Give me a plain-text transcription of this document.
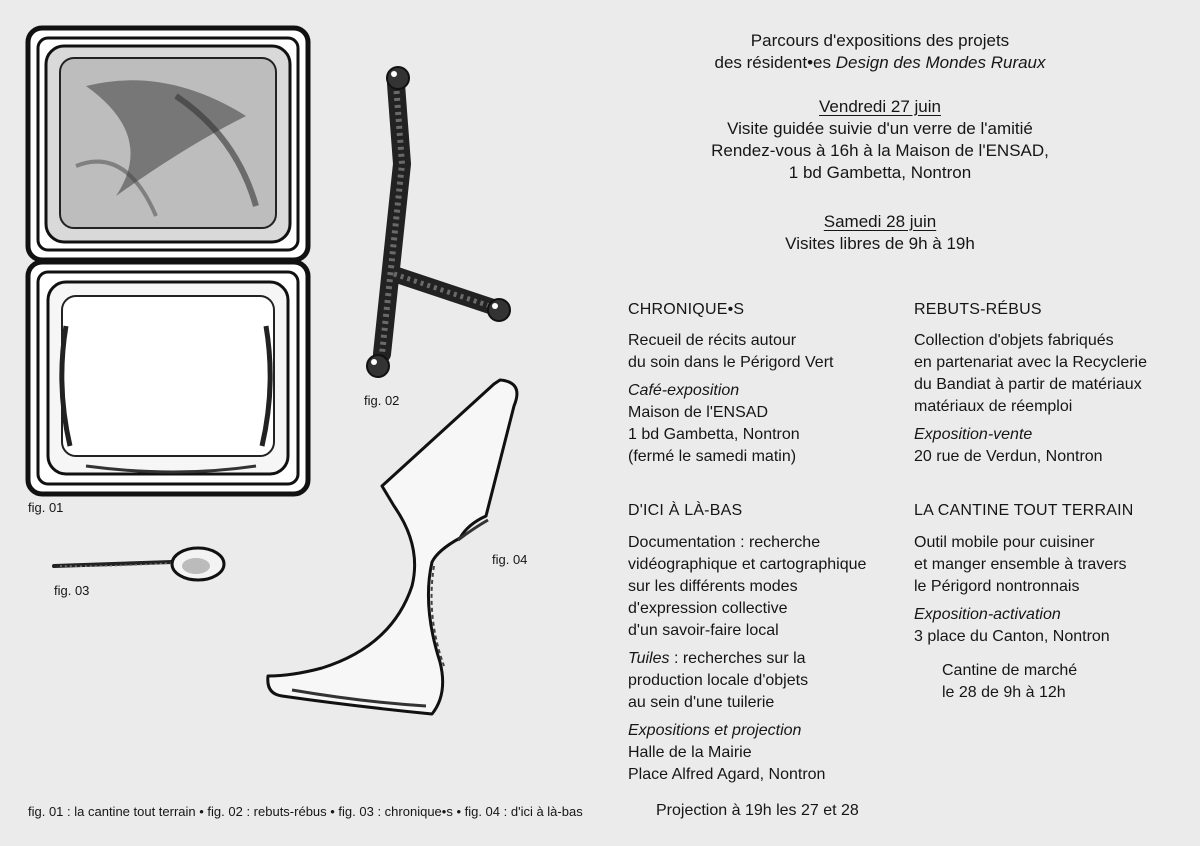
fig. 01
fig. 02
fig. 03
fig. 04
Parcours d'expositions des projets
des résident•es Design des Mondes Ruraux
Vendredi 27 juin
Visite guidée suivie d'un verre de l'amitié
Rendez-vous à 16h à la Maison de l'ENSAD,
1 bd Gambetta, Nontron
Samedi 28 juin
Visites libres de 9h à 19h
CHRONIQUE•S
Recueil de récits autour
du soin dans le Périgord Vert
Café-exposition
Maison de l'ENSAD
1 bd Gambetta, Nontron
(fermé le samedi matin)
REBUTS-RÉBUS
Collection d'objets fabriqués
en partenariat avec la Recyclerie
du Bandiat à partir de matériaux
matériaux de réemploi
Exposition-vente
20 rue de Verdun, Nontron
D'ICI À LÀ-BAS
Documentation : recherche
vidéographique et cartographique
sur les différents modes
d'expression collective
d'un savoir-faire local
Tuiles : recherches sur la
production locale d'objets
au sein d'une tuilerie
Expositions et projection
Halle de la Mairie
Place Alfred Agard, Nontron
Projection à 19h les 27 et 28
LA CANTINE TOUT TERRAIN
Outil mobile pour cuisiner
et manger ensemble à travers
le Périgord nontronnais
Exposition-activation
3 place du Canton, Nontron
Cantine de marché
le 28 de 9h à 12h
fig. 01 : la cantine tout terrain • fig. 02 : rebuts-rébus • fig. 03 : chronique•s • fig. 04 : d'ici à là-bas
